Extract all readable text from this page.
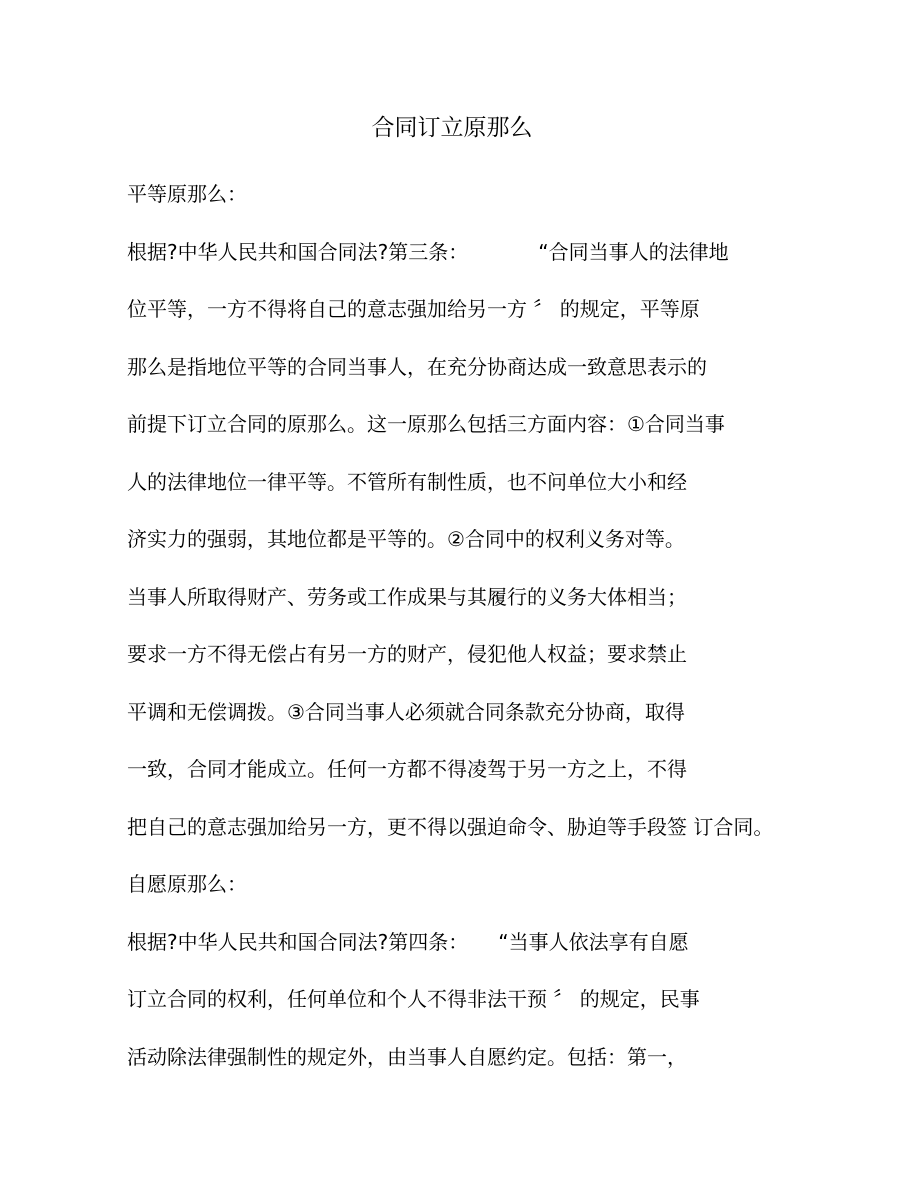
合同订立原那么
平等原那么：
根据?中华人民共和国合同法?第三条：　　　　“合同当事人的法律地
位平等，一方不得将自己的意志强加给另一方 〞 的规定，平等原
那么是指地位平等的合同当事人，在充分协商达成一致意思表示的
前提下订立合同的原那么。这一原那么包括三方面内容：①合同当事
人的法律地位一律平等。不管所有制性质，也不问单位大小和经
济实力的强弱，其地位都是平等的。②合同中的权利义务对等。
当事人所取得财产、劳务或工作成果与其履行的义务大体相当；
要求一方不得无偿占有另一方的财产，侵犯他人权益；要求禁止
平调和无偿调拨。③合同当事人必须就合同条款充分协商，取得
一致，合同才能成立。任何一方都不得凌驾于另一方之上，不得
把自己的意志强加给另一方，更不得以强迫命令、胁迫等手段签 订合同。
自愿原那么：
根据?中华人民共和国合同法?第四条：　　“当事人依法享有自愿
订立合同的权利，任何单位和个人不得非法干预 〞 的规定，民事
活动除法律强制性的规定外，由当事人自愿约定。包括：第一，
